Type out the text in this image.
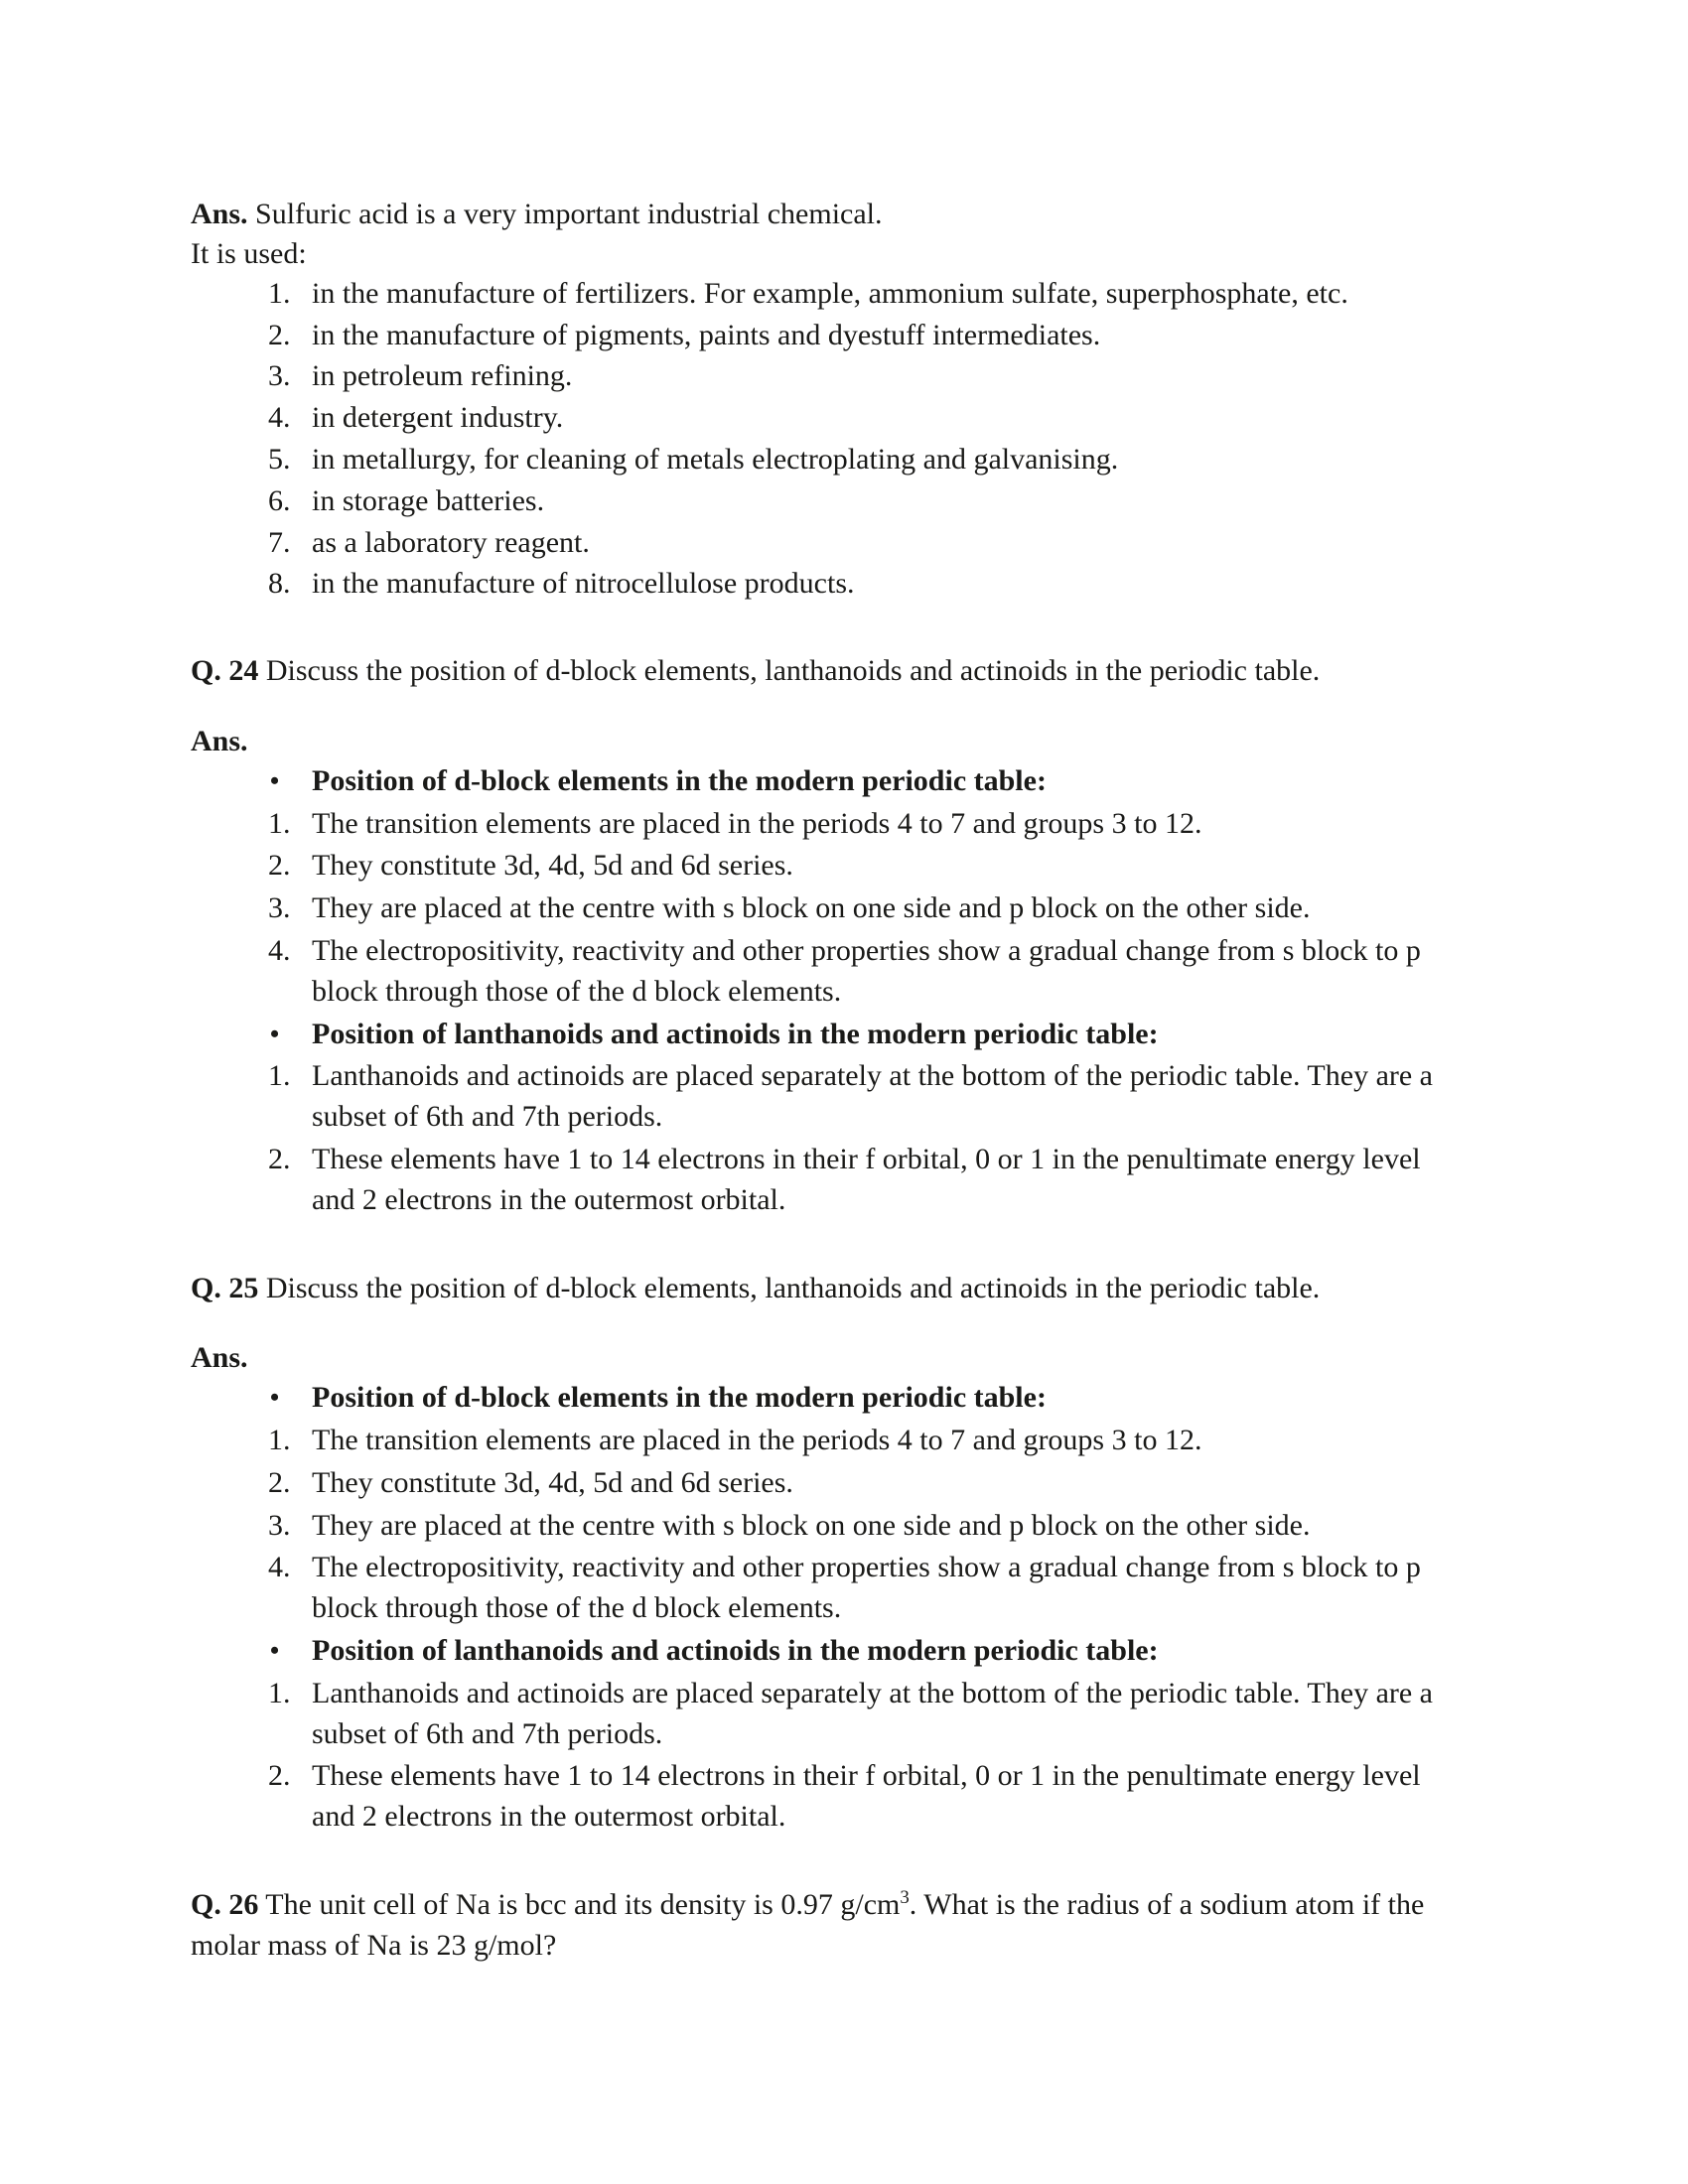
Ans. Sulfuric acid is a very important industrial chemical.

It is used:

in the manufacture of fertilizers. For example, ammonium sulfate, superphosphate, etc.
in the manufacture of pigments, paints and dyestuff intermediates.
in petroleum refining.
in detergent industry.
in metallurgy, for cleaning of metals electroplating and galvanising.
in storage batteries.
as a laboratory reagent.
in the manufacture of nitrocellulose products.

Q. 24 Discuss the position of d-block elements, lanthanoids and actinoids in the periodic table.

Ans.

•	Position of d-block elements in the modern periodic table:
1. The transition elements are placed in the periods 4 to 7 and groups 3 to 12.
2. They constitute 3d, 4d, 5d and 6d series.
3. They are placed at the centre with s block on one side and p block on the other side.
4. The electropositivity, reactivity and other properties show a gradual change from s block to p block through those of the d block elements.
•	Position of lanthanoids and actinoids in the modern periodic table:
1. Lanthanoids and actinoids are placed separately at the bottom of the periodic table. They are a subset of 6th and 7th periods.
2. These elements have 1 to 14 electrons in their f orbital, 0 or 1 in the penultimate energy level and 2 electrons in the outermost orbital.

Q. 25 Discuss the position of d-block elements, lanthanoids and actinoids in the periodic table.

Ans.

•	Position of d-block elements in the modern periodic table:
1. The transition elements are placed in the periods 4 to 7 and groups 3 to 12.
2. They constitute 3d, 4d, 5d and 6d series.
3. They are placed at the centre with s block on one side and p block on the other side.
4. The electropositivity, reactivity and other properties show a gradual change from s block to p block through those of the d block elements.
•	Position of lanthanoids and actinoids in the modern periodic table:
1. Lanthanoids and actinoids are placed separately at the bottom of the periodic table. They are a subset of 6th and 7th periods.
2. These elements have 1 to 14 electrons in their f orbital, 0 or 1 in the penultimate energy level and 2 electrons in the outermost orbital.

Q. 26 The unit cell of Na is bcc and its density is 0.97 $g/cm^3$. What is the radius of a sodium atom if the molar mass of Na is 23 g/mol?
